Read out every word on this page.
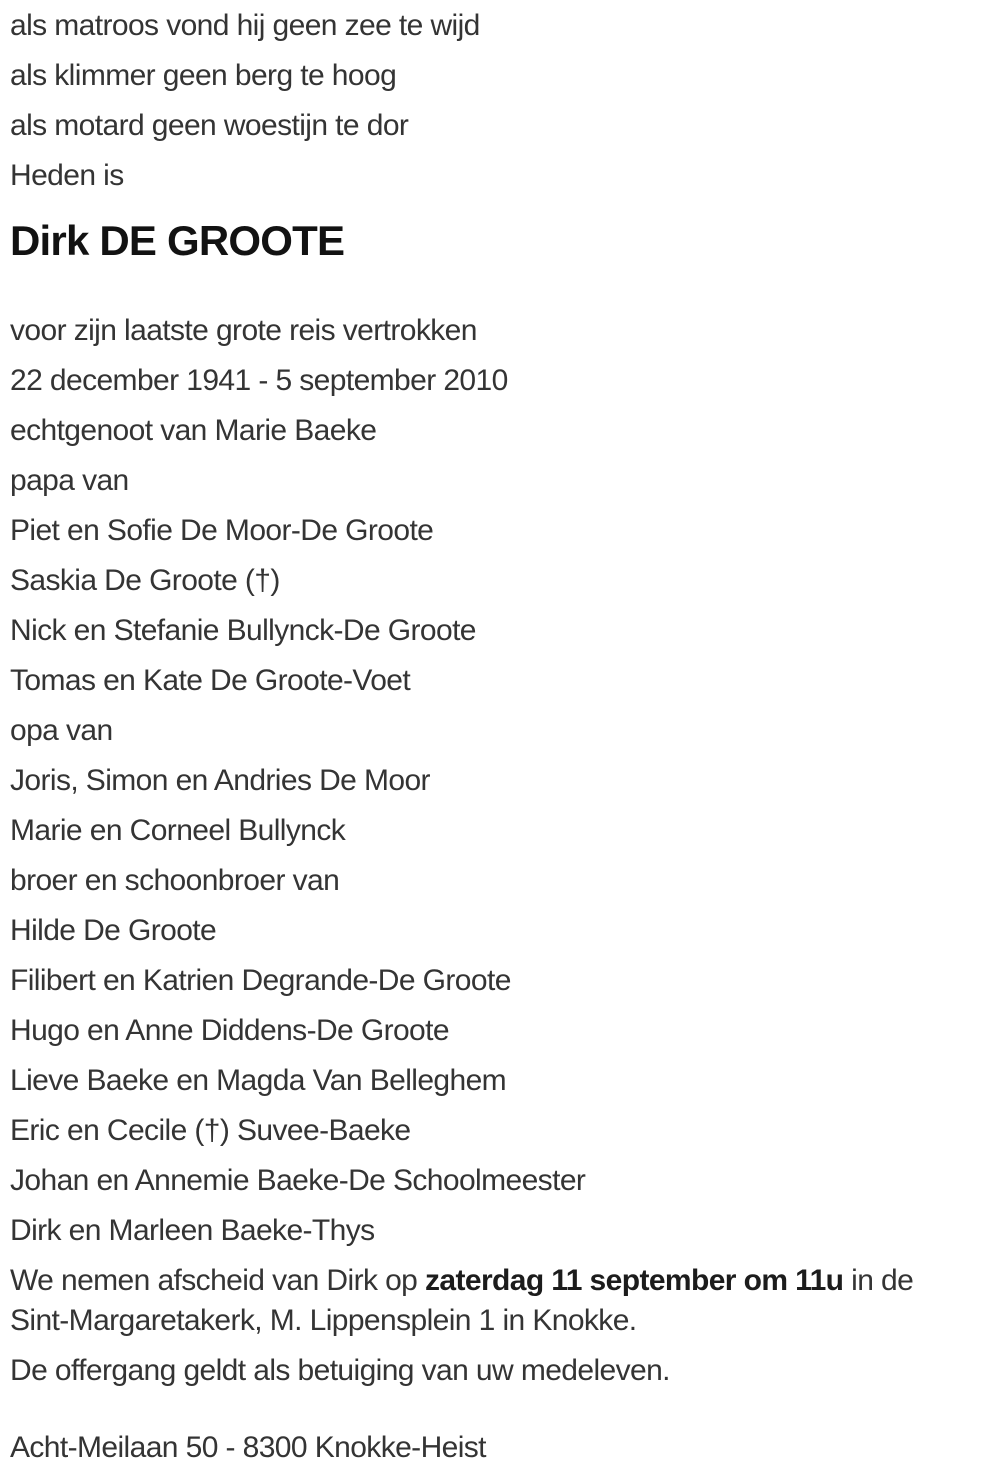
als matroos vond hij geen zee te wijd

als klimmer geen berg te hoog

als motard geen woestijn te dor

Heden is

Dirk DE GROOTE

voor zijn laatste grote reis vertrokken

22 december 1941 - 5 september 2010

echtgenoot van Marie Baeke

papa van

Piet en Sofie De Moor-De Groote

Saskia De Groote (†)

Nick en Stefanie Bullynck-De Groote

Tomas en Kate De Groote-Voet

opa van

Joris, Simon en Andries De Moor

Marie en Corneel Bullynck

broer en schoonbroer van

Hilde De Groote

Filibert en Katrien Degrande-De Groote

Hugo en Anne Diddens-De Groote

Lieve Baeke en Magda Van Belleghem

Eric en Cecile (†) Suvee-Baeke

Johan en Annemie Baeke-De Schoolmeester

Dirk en Marleen Baeke-Thys

We nemen afscheid van Dirk op zaterdag 11 september om 11u in de
Sint-Margaretakerk, M. Lippensplein 1 in Knokke.

De offergang geldt als betuiging van uw medeleven.

Acht-Meilaan 50 - 8300 Knokke-Heist
